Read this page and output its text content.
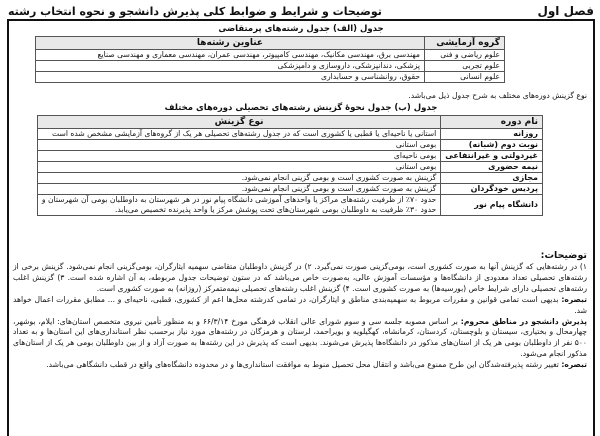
فصل اول
توضیحات و شرایط و ضوابط کلی پذیرش دانشجو و نحوه انتخاب رشته
جدول (الف) جدول رشته‌های پرمتقاضی
گروه آزمایشی	عناوین رشته‌ها
علوم ریاضی و فنی	مهندسی برق، مهندسی مکانیک، مهندسی کامپیوتر، مهندسی عمران، مهندسی معماری و مهندسی صنایع
علوم تجربی	پزشکی، دندانپزشکی، داروسازی و دامپزشکی
علوم انسانی	حقوق، روانشناسی و حسابداری
نوع گزینش دوره‌های مختلف به شرح جدول ذیل می‌باشد.
جدول (ب) جدول نحوهٔ گزینش رشته‌های تحصیلی دوره‌های مختلف
نام دوره	نوع گزینش
روزانه	استانی یا ناحیه‌ای یا قطبی یا کشوری است که در جدول رشته‌های تحصیلی هر یک از گروه‌های آزمایشی مشخص شده است
نوبت دوم (شبانه)	بومی استانی
غیردولتی و غیرانتفاعی	بومی ناحیه‌ای
نیمه حضوری	بومی استانی
مجازی	گزینش به صورت کشوری است و بومی گزینی انجام نمی‌شود.
پردیس خودگردان	گزینش به صورت کشوری است و بومی گزینی انجام نمی‌شود.
دانشگاه پیام نور	حدود ۷۰٪ از ظرفیت رشته‌های مراکز یا واحدهای آموزشی دانشگاه پیام نور در هر شهرستان به داوطلبان بومی آن شهرستان و
حدود ۳۰٪ ظرفیت به داوطلبان بومی شهرستان‌های تحت پوشش مرکز یا واحد پذیرنده تخصیص می‌یابد.
توضیحات:

۱) در رشته‌هایی که گزینش آنها به صورت کشوری است، بومی‌گزینی صورت نمی‌گیرد. ۲) در گزینش داوطلبان متقاضی سهمیه ایثارگران، بومی‌گزینی انجام نمی‌شود. گزینش برخی از رشته‌های تحصیلی تعداد معدودی از دانشگاه‌ها و مؤسسات آموزش عالی، به‌صورت خاص می‌باشد که در ستون توضیحات جدول مربوطه، به آن اشاره شده است. ۳) گزینش اغلب رشته‌های تحصیلی دارای شرایط خاص (بورسیه‌ها) به صورت کشوری است. ۴) گزینش اغلب رشته‌های تحصیلی نیمه‌متمرکز (روزانه) به صورت کشوری است.

تبصره: بدیهی است تمامی قوانین و مقررات مربوط به سهمیه‌بندی مناطق و ایثارگران، در تمامی کدرشته محل‌ها اعم از کشوری، قطبی، ناحیه‌ای و ... مطابق مقررات اعمال خواهد شد.

پذیرش دانشجو در مناطق محروم: بر اساس مصوبه جلسه سی و سوم شورای عالی انقلاب فرهنگی مورخ ۶۶/۳/۱۴ و به منظور تأمین نیروی متخصص استان‌های: ایلام، بوشهر، چهارمحال و بختیاری، سیستان و بلوچستان، کردستان، کرمانشاه، کهگیلویه و بویراحمد، لرستان و هرمزگان در رشته‌های مورد نیاز برحسب نظر استانداری‌های این استان‌ها و به تعداد ۵۰۰ نفر از داوطلبان بومی هر یک از استان‌های مذکور در دانشگاه‌ها پذیرش می‌شوند. بدیهی است که پذیرش در این رشته‌ها به صورت آزاد و از بین داوطلبان بومی هر یک از استان‌های مذکور انجام می‌شود.

تبصره: تغییر رشته پذیرفته‌شدگان این طرح ممنوع می‌باشد و انتقال محل تحصیل منوط به موافقت استانداری‌ها و در محدوده دانشگاه‌های واقع در قطب دانشگاهی می‌باشد.
